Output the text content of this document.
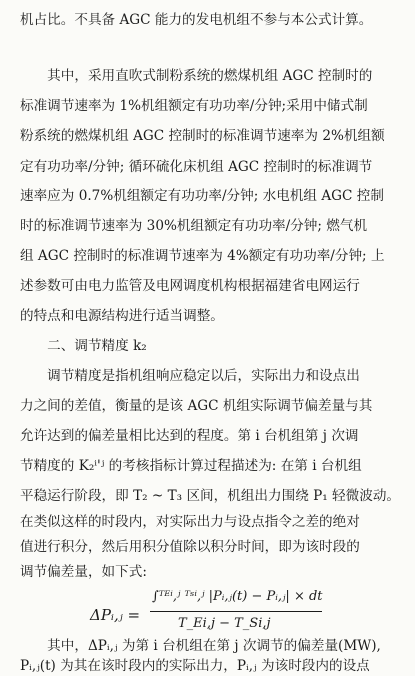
机占比。不具备 AGC 能力的发电机组不参与本公式计算。
　　其中，采用直吹式制粉系统的燃煤机组 AGC 控制时的
标准调节速率为 1%机组额定有功功率/分钟;采用中储式制
粉系统的燃煤机组 AGC 控制时的标准调节速率为 2%机组额
定有功功率/分钟; 循环硫化床机组 AGC 控制时的标准调节
速率应为 0.7%机组额定有功功率/分钟; 水电机组 AGC 控制
时的标准调节速率为 30%机组额定有功功率/分钟; 燃气机
组 AGC 控制时的标准调节速率为 4%额定有功功率/分钟; 上
述参数可由电力监管及电网调度机构根据福建省电网运行
的特点和电源结构进行适当调整。
　　二、调节精度 k₂
　　调节精度是指机组响应稳定以后，实际出力和设点出
力之间的差值，衡量的是该 AGC 机组实际调节偏差量与其
允许达到的偏差量相比达到的程度。第 i 台机组第 j 次调
节精度的 K₂ⁱ'ʲ 的考核指标计算过程描述为: 在第 i 台机组
平稳运行阶段，即 T₂ ~ T₃ 区间，机组出力围绕 P₁ 轻微波动。
在类似这样的时段内，对实际出力与设点指令之差的绝对
值进行积分，然后用积分值除以积分时间，即为该时段的
调节偏差量，如下式:
ΔPᵢ,ⱼ =
∫ᵀᴱⁱ,ʲ ᵀˢⁱ,ʲ |Pᵢ,ⱼ(t) − Pᵢ,ⱼ| × dt
T_Ei,j − T_Si,j
　　其中，ΔPᵢ,ⱼ 为第 i 台机组在第 j 次调节的偏差量(MW),
Pᵢ,ⱼ(t) 为其在该时段内的实际出力，Pᵢ,ⱼ 为该时段内的设点
